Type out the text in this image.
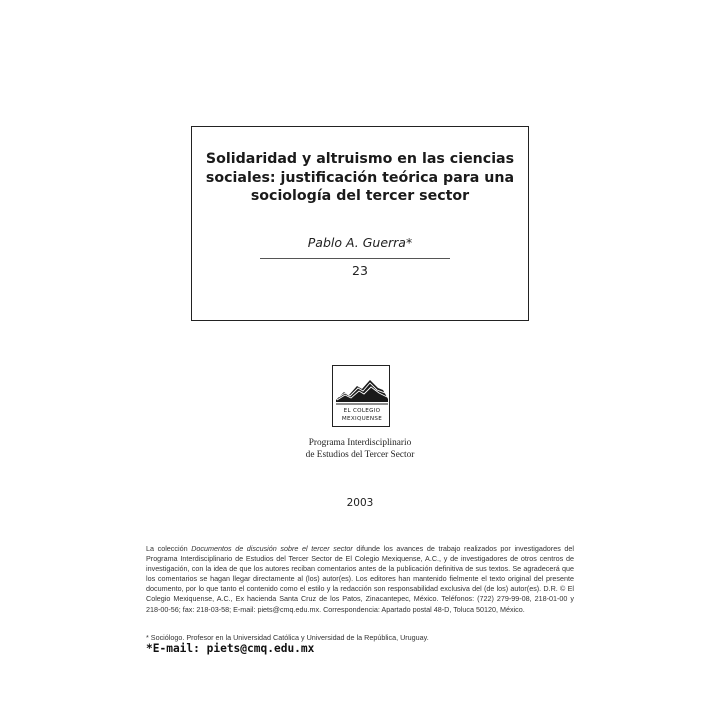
Solidaridad y altruismo en las ciencias
sociales: justificación teórica para una
sociología del tercer sector
Pablo A. Guerra*
23
EL COLEGIO
MEXIQUENSE
Programa Interdisciplinario
de Estudios del Tercer Sector
2003

La colección Documentos de discusión sobre el tercer sector difunde los avances de trabajo realizados por investigadores del Programa Interdisciplinario de Estudios del Tercer Sector de El Colegio Mexiquense, A.C., y de investigadores de otros centros de investigación, con la idea de que los autores reciban comentarios antes de la publicación definitiva de sus textos. Se agradecerá que los comentarios se hagan llegar directamente al (los) autor(es). Los editores han mantenido fielmente el texto original del presente documento, por lo que tanto el contenido como el estilo y la redacción son responsabilidad exclusiva del (de los) autor(es). D.R. © El Colegio Mexiquense, A.C., Ex hacienda Santa Cruz de los Patos, Zinacantepec, México. Teléfonos: (722) 279-99-08, 218-01-00 y 218-00-56; fax: 218-03-58; E-mail: piets@cmq.edu.mx. Correspondencia: Apartado postal 48-D, Toluca 50120, México.

* Sociólogo. Profesor en la Universidad Católica y Universidad de la República, Uruguay.
*E-mail: piets@cmq.edu.mx
